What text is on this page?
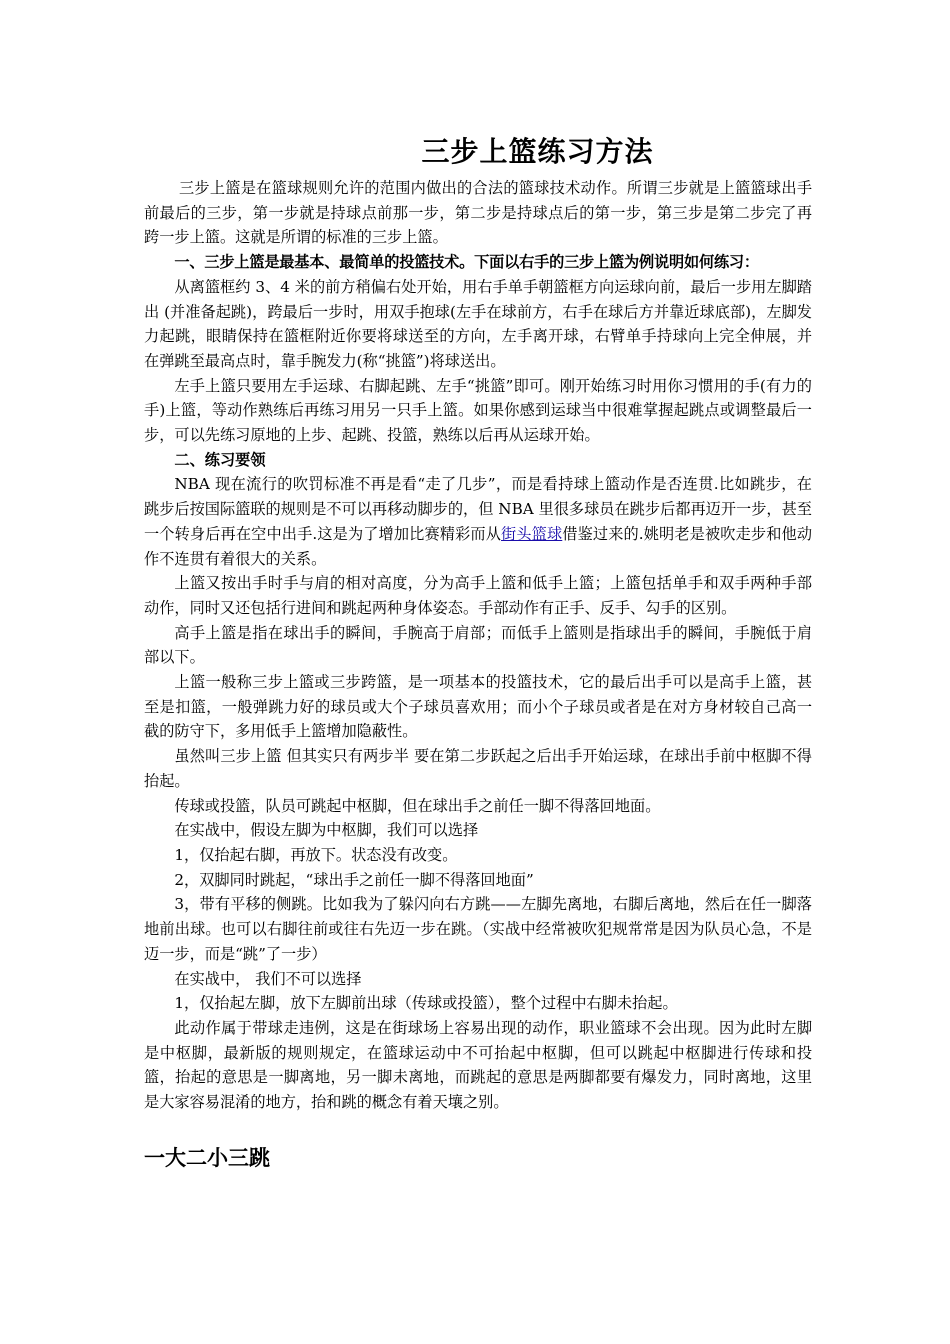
三步上篮练习方法

三步上篮是在篮球规则允许的范围内做出的合法的篮球技术动作。所谓三步就是上篮篮球出手前最后的三步，第一步就是持球点前那一步，第二步是持球点后的第一步，第三步是第二步完了再跨一步上篮。这就是所谓的标准的三步上篮。

一、三步上篮是最基本、最简单的投篮技术。下面以右手的三步上篮为例说明如何练习：

从离篮框约 3、4 米的前方稍偏右处开始，用右手单手朝篮框方向运球向前，最后一步用左脚踏出 (并准备起跳)，跨最后一步时，用双手抱球(左手在球前方，右手在球后方并靠近球底部)，左脚发力起跳，眼睛保持在篮框附近你要将球送至的方向，左手离开球，右臂单手持球向上完全伸展，并在弹跳至最高点时，靠手腕发力(称“挑篮”)将球送出。

左手上篮只要用左手运球、右脚起跳、左手“挑篮”即可。刚开始练习时用你习惯用的手(有力的手)上篮，等动作熟练后再练习用另一只手上篮。如果你感到运球当中很难掌握起跳点或调整最后一步，可以先练习原地的上步、起跳、投篮，熟练以后再从运球开始。

二、练习要领

NBA 现在流行的吹罚标准不再是看“走了几步”，而是看持球上篮动作是否连贯.比如跳步，在跳步后按国际篮联的规则是不可以再移动脚步的，但 NBA 里很多球员在跳步后都再迈开一步，甚至一个转身后再在空中出手.这是为了增加比赛精彩而从街头篮球借鉴过来的.姚明老是被吹走步和他动作不连贯有着很大的关系。

上篮又按出手时手与肩的相对高度，分为高手上篮和低手上篮；上篮包括单手和双手两种手部动作，同时又还包括行进间和跳起两种身体姿态。手部动作有正手、反手、勾手的区别。

高手上篮是指在球出手的瞬间，手腕高于肩部；而低手上篮则是指球出手的瞬间，手腕低于肩部以下。

上篮一般称三步上篮或三步跨篮，是一项基本的投篮技术，它的最后出手可以是高手上篮，甚至是扣篮，一般弹跳力好的球员或大个子球员喜欢用；而小个子球员或者是在对方身材较自己高一截的防守下，多用低手上篮增加隐蔽性。

虽然叫三步上篮 但其实只有两步半 要在第二步跃起之后出手开始运球，在球出手前中枢脚不得抬起。

传球或投篮，队员可跳起中枢脚，但在球出手之前任一脚不得落回地面。

在实战中，假设左脚为中枢脚，我们可以选择

1，仅抬起右脚，再放下。状态没有改变。

2，双脚同时跳起，“球出手之前任一脚不得落回地面”

3，带有平移的侧跳。比如我为了躲闪向右方跳——左脚先离地，右脚后离地，然后在任一脚落地前出球。也可以右脚往前或往右先迈一步在跳。（实战中经常被吹犯规常常是因为队员心急，不是迈一步，而是“跳”了一步）

在实战中， 我们不可以选择

1，仅抬起左脚，放下左脚前出球（传球或投篮），整个过程中右脚未抬起。

此动作属于带球走违例，这是在街球场上容易出现的动作，职业篮球不会出现。因为此时左脚是中枢脚，最新版的规则规定，在篮球运动中不可抬起中枢脚，但可以跳起中枢脚进行传球和投篮，抬起的意思是一脚离地，另一脚未离地，而跳起的意思是两脚都要有爆发力，同时离地，这里是大家容易混淆的地方，抬和跳的概念有着天壤之别。

一大二小三跳
